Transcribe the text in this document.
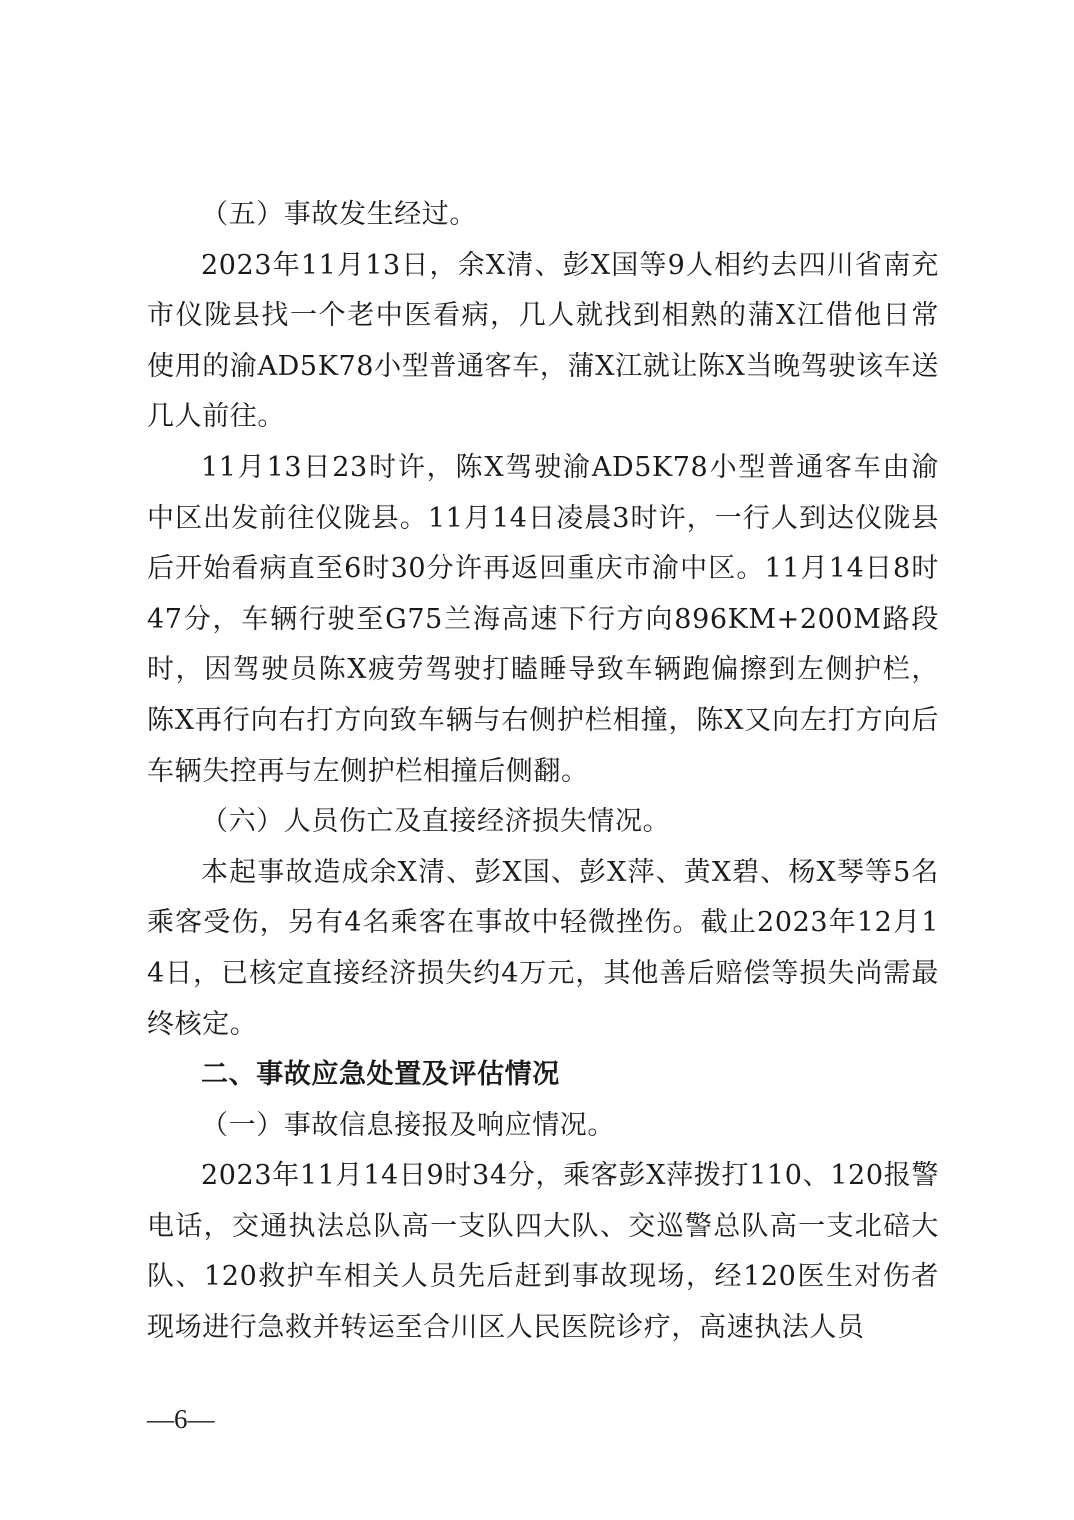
（五）事故发生经过。

2023年11月13日，余X清、彭X国等9人相约去四川省南充市仪陇县找一个老中医看病，几人就找到相熟的蒲X江借他日常使用的渝AD5K78小型普通客车，蒲X江就让陈X当晚驾驶该车送几人前往。

11月13日23时许，陈X驾驶渝AD5K78小型普通客车由渝中区出发前往仪陇县。11月14日凌晨3时许，一行人到达仪陇县后开始看病直至6时30分许再返回重庆市渝中区。11月14日8时47分，车辆行驶至G75兰海高速下行方向896KM+200M路段时，因驾驶员陈X疲劳驾驶打瞌睡导致车辆跑偏擦到左侧护栏，陈X再行向右打方向致车辆与右侧护栏相撞，陈X又向左打方向后车辆失控再与左侧护栏相撞后侧翻。

（六）人员伤亡及直接经济损失情况。

本起事故造成余X清、彭X国、彭X萍、黄X碧、杨X琴等5名乘客受伤，另有4名乘客在事故中轻微挫伤。截止2023年12月14日，已核定直接经济损失约4万元，其他善后赔偿等损失尚需最终核定。

二、事故应急处置及评估情况

（一）事故信息接报及响应情况。

2023年11月14日9时34分，乘客彭X萍拨打110、120报警电话，交通执法总队高一支队四大队、交巡警总队高一支北碚大队、120救护车相关人员先后赶到事故现场，经120医生对伤者现场进行急救并转运至合川区人民医院诊疗，高速执法人员

—6—
